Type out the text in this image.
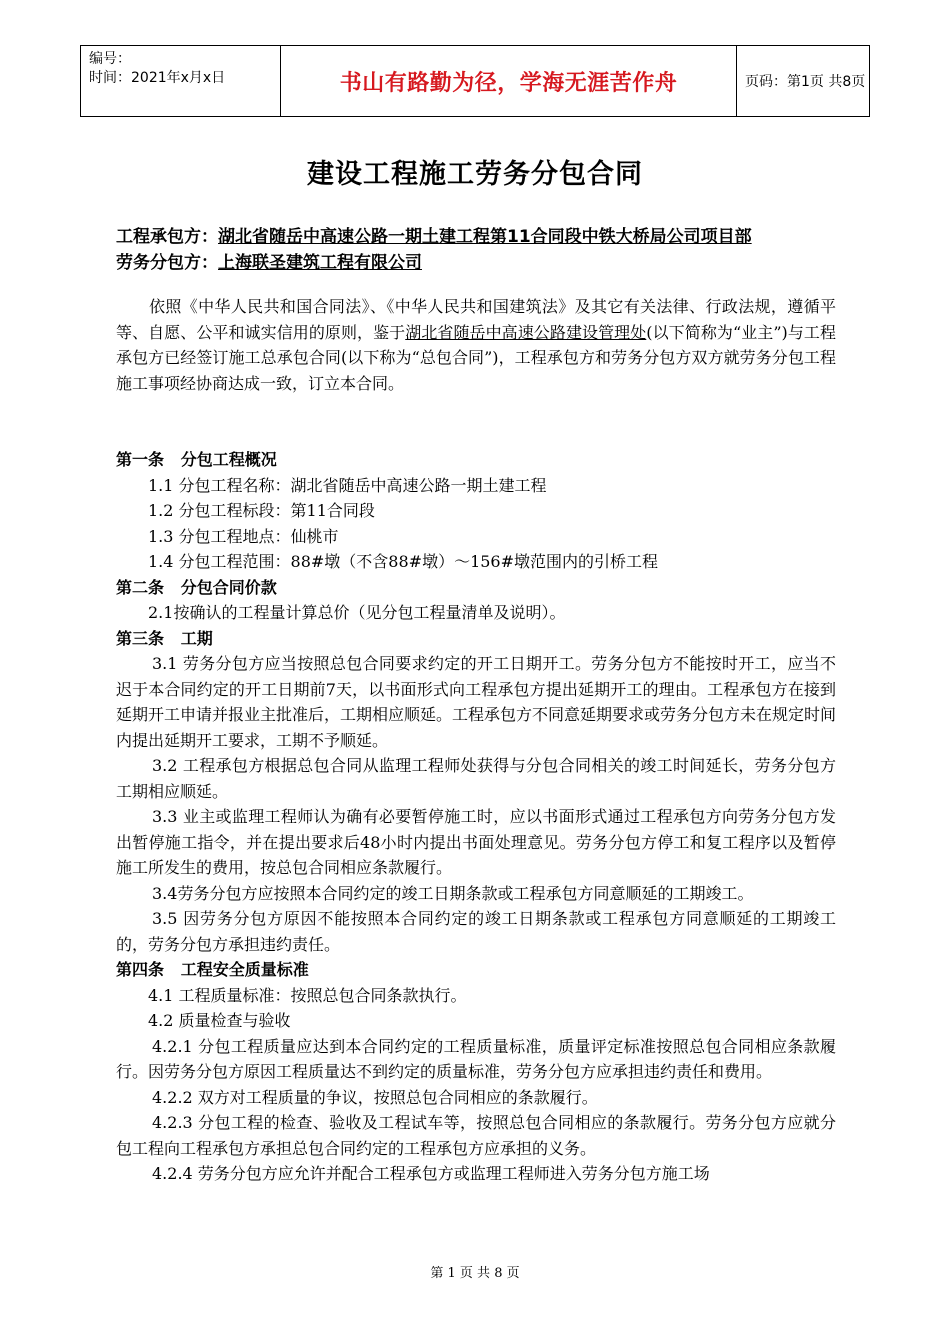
编号：
时间：2021年x月x日	书山有路勤为径，学海无涯苦作舟	页码：第1页 共8页
建设工程施工劳务分包合同
工程承包方：湖北省随岳中高速公路一期土建工程第11合同段中铁大桥局公司项目部
劳务分包方：上海联圣建筑工程有限公司

依照《中华人民共和国合同法》、《中华人民共和国建筑法》及其它有关法律、行政法规，遵循平等、自愿、公平和诚实信用的原则，鉴于湖北省随岳中高速公路建设管理处(以下简称为“业主”)与工程承包方已经签订施工总承包合同(以下称为“总包合同”)，工程承包方和劳务分包方双方就劳务分包工程施工事项经协商达成一致，订立本合同。

第一条   分包工程概况
1.1 分包工程名称：湖北省随岳中高速公路一期土建工程
1.2 分包工程标段：第11合同段
1.3 分包工程地点：仙桃市
1.4 分包工程范围：88#墩（不含88#墩）～156#墩范围内的引桥工程
第二条   分包合同价款
2.1按确认的工程量计算总价（见分包工程量清单及说明）。
第三条   工期

3.1 劳务分包方应当按照总包合同要求约定的开工日期开工。劳务分包方不能按时开工，应当不迟于本合同约定的开工日期前7天，以书面形式向工程承包方提出延期开工的理由。工程承包方在接到延期开工申请并报业主批准后，工期相应顺延。工程承包方不同意延期要求或劳务分包方未在规定时间内提出延期开工要求，工期不予顺延。

3.2 工程承包方根据总包合同从监理工程师处获得与分包合同相关的竣工时间延长，劳务分包方工期相应顺延。

3.3 业主或监理工程师认为确有必要暂停施工时，应以书面形式通过工程承包方向劳务分包方发出暂停施工指令，并在提出要求后48小时内提出书面处理意见。劳务分包方停工和复工程序以及暂停施工所发生的费用，按总包合同相应条款履行。

3.4劳务分包方应按照本合同约定的竣工日期条款或工程承包方同意顺延的工期竣工。

3.5 因劳务分包方原因不能按照本合同约定的竣工日期条款或工程承包方同意顺延的工期竣工的，劳务分包方承担违约责任。

第四条   工程安全质量标准
4.1 工程质量标准：按照总包合同条款执行。
4.2 质量检查与验收

4.2.1 分包工程质量应达到本合同约定的工程质量标准，质量评定标准按照总包合同相应条款履行。因劳务分包方原因工程质量达不到约定的质量标准，劳务分包方应承担违约责任和费用。

4.2.2 双方对工程质量的争议，按照总包合同相应的条款履行。

4.2.3 分包工程的检查、验收及工程试车等，按照总包合同相应的条款履行。劳务分包方应就分包工程向工程承包方承担总包合同约定的工程承包方应承担的义务。

4.2.4 劳务分包方应允许并配合工程承包方或监理工程师进入劳务分包方施工场

第 1 页 共 8 页
